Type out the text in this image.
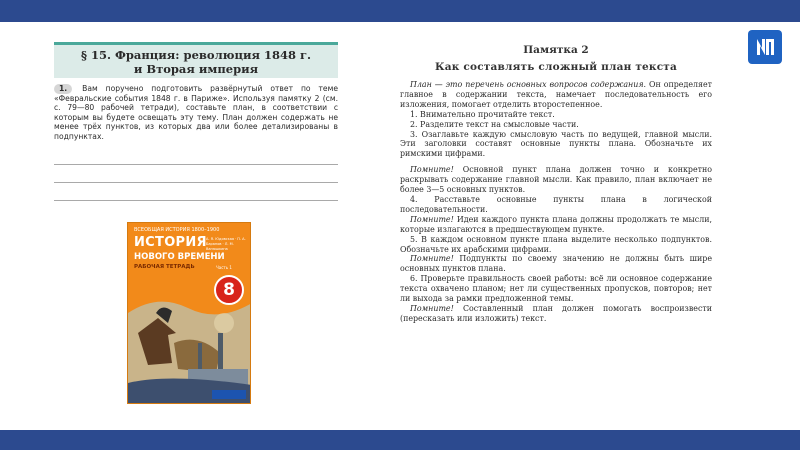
§ 15. Франция: революция 1848 г.
и Вторая империя
1. Вам поручено подготовить развёрнутый ответ по теме «Февральские события 1848 г. в Париже». Используя памятку 2 (см. с. 79—80 рабочей тетради), составьте план, в соответствии с которым вы будете освещать эту тему. План должен содержать не менее трёх пунктов, из которых два или более детализированы в подпунктах.
ВСЕОБЩАЯ ИСТОРИЯ 1800–1900
ИСТОРИЯ
НОВОГО ВРЕМЕНИ
РАБОЧАЯ ТЕТРАДЬ
А. Я. Юдовская · П. А. Баранов · Л. М. Ванюшкина
Часть 1
8
Памятка 2
Как составлять сложный план текста

План — это перечень основных вопросов содержания. Он определяет главное в содержании текста, намечает последовательность его изложения, помогает отделить второстепенное.

1. Внимательно прочитайте текст.

2. Разделите текст на смысловые части.

3. Озаглавьте каждую смысловую часть по ведущей, главной мысли. Эти заголовки составят основные пункты плана. Обозначьте их римскими цифрами.

Помните! Основной пункт плана должен точно и конкретно раскрывать содержание главной мысли. Как правило, план включает не более 3—5 основных пунктов.

4. Расставьте основные пункты плана в логической последовательности.

Помните! Идеи каждого пункта плана должны продолжать те мысли, которые излагаются в предшествующем пункте.

5. В каждом основном пункте плана выделите несколько подпунктов. Обозначьте их арабскими цифрами.

Помните! Подпункты по своему значению не должны быть шире основных пунктов плана.

6. Проверьте правильность своей работы: всё ли основное содержание текста охвачено планом; нет ли существенных пропусков, повторов; нет ли выхода за рамки предложенной темы.

Помните! Составленный план должен помогать воспроизвести (пересказать или изложить) текст.
